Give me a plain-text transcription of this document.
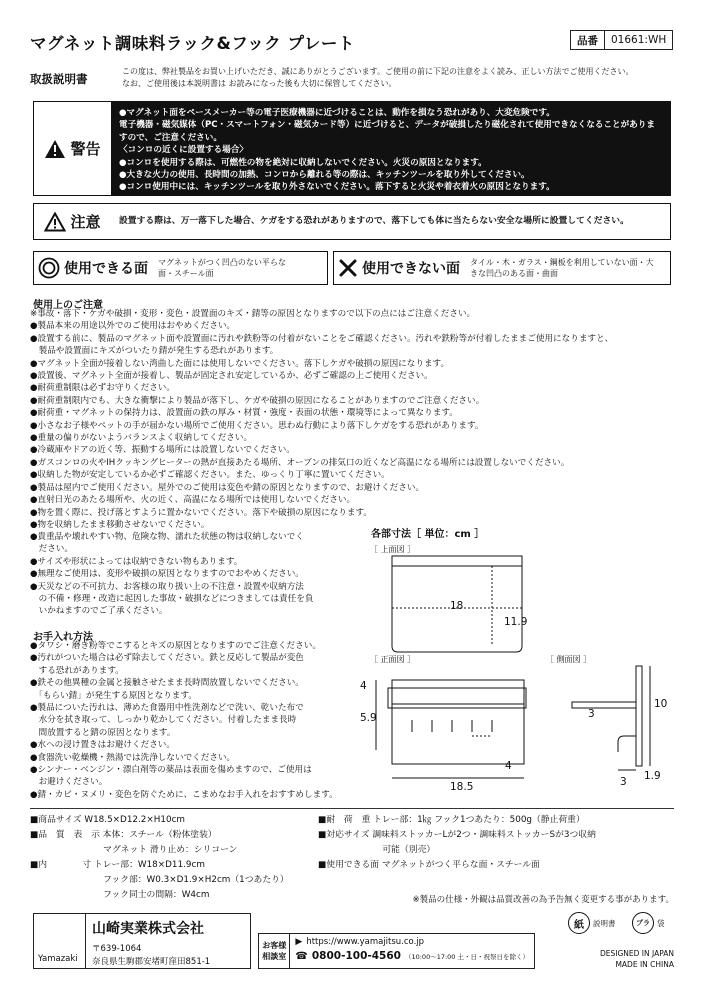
マグネット調味料ラック&フック プレート	品番	01661:WH
取扱説明書
この度は、弊社製品をお買い上げいただき、誠にありがとうございます。ご使用の前に下記の注意をよく読み、正しい方法でご使用ください。
なお、ご使用後は本説明書は お読みになった後も大切に保管してください。
警告
●マグネット面をペースメーカー等の電子医療機器に近づけることは、動作を損なう恐れがあり、大変危険です。
電子機器・磁気媒体（PC・スマートフォン・磁気カード等）に近づけると、データが破損したり磁化されて使用できなくなることがありますので、ご注意ください。
〈コンロの近くに設置する場合〉
●コンロを使用する際は、可燃性の物を絶対に収納しないでください。火災の原因となります。
●大きな火力の使用、長時間の加熱、コンロから離れる等の際は、キッチンツールを取り外してください。
●コンロ使用中には、キッチンツールを取り外さないでください。落下すると火災や着衣着火の原因となります。
注意	設置する際は、万一落下した場合、ケガをする恐れがありますので、落下しても体に当たらない安全な場所に設置してください。
使用できる面	マグネットがつく凹凸のない平らな面・スチール面	使用できない面	タイル・木・ガラス・鋼板を利用していない面・大きな凹凸のある面・曲面
使用上のご注意

※事故・落下・ケガや破損・変形・変色・設置面のキズ・錆等の原因となりますので以下の点にはご注意ください。

●製品本来の用途以外でのご使用はおやめください。

●設置する前に、製品のマグネット面や設置面に汚れや鉄粉等の付着がないことをご確認ください。汚れや鉄粉等が付着したままご使用になりますと、

　製品や設置面にキズがついたり錆が発生する恐れがあります。

●マグネット全面が接着しない湾曲した面には使用しないでください。落下しケガや破損の原因になります。

●設置後、マグネット全面が接着し、製品が固定され安定しているか、必ずご確認の上ご使用ください。

●耐荷重制限は必ずお守りください。

●耐荷重制限内でも、大きな衝撃により製品が落下し、ケガや破損の原因になることがありますのでご注意ください。

●耐荷重・マグネットの保持力は、設置面の鉄の厚み・材質・強度・表面の状態・環境等によって異なります。

●小さなお子様やペットの手が届かない場所でご使用ください。思わぬ行動により落下しケガをする恐れがあります。

●重量の偏りがないようバランスよく収納してください。

●冷蔵庫やドアの近く等、振動する場所には設置しないでください。

●ガスコンロの火やIHクッキングヒーターの熱が直接あたる場所、オーブンの排気口の近くなど高温になる場所には設置しないでください。

●収納した物が安定しているか必ずご確認ください。また、ゆっくり丁寧に置いてください。

●製品は屋内でご使用ください。屋外でのご使用は変色や錆の原因となりますので、お避けください。

●直射日光のあたる場所や、火の近く、高温になる場所では使用しないでください。

●物を置く際に、投げ落とすように置かないでください。落下や破損の原因になります。

●物を収納したまま移動させないでください。

●貴重品や壊れやすい物、危険な物、濡れた状態の物は収納しないでく

　ださい。

●サイズや形状によっては収納できない物もあります。

●無理なご使用は、変形や破損の原因となりますのでおやめください。

●天災などの不可抗力、お客様の取り扱い上の不注意・設置や収納方法

　の不備・修理・改造に起因した事故・破損などにつきましては責任を負

　いかねますのでご了承ください。

お手入れ方法

●タワシ・磨き粉等でこするとキズの原因となりますのでご注意ください。

●汚れがついた場合は必ず除去してください。鉄と反応して製品が変色

　する恐れがあります。

●鉄その他異種の金属と接触させたまま長時間放置しないでください。

　「もらい錆」が発生する原因となります。

●製品についた汚れは、薄めた食器用中性洗剤などで洗い、乾いた布で

　水分を拭き取って、しっかり乾かしてください。付着したまま長時

　間放置すると錆の原因となります。

●水への浸け置きはお避けください。

●食器洗い乾燥機・熱湯では洗浄しないでください。

●シンナー・ベンジン・漂白剤等の薬品は表面を傷めますので、ご使用は

　お避けください。

●錆・カビ・ヌメリ・変色を防ぐために、こまめなお手入れをおすすめします。

各部寸法［ 単位：cm ］
［ 上面図 ］
18
11.9
［ 正面図 ］
4
5.9
4
18.5
［ 側面図 ］
10
3
3 1.9
■商品サイズ W18.5×D12.2×H10cm
■品　質　表　示 本体：スチール（粉体塗装）
　　　　　　　　 マグネット 滑り止め：シリコーン
■内　　　　寸 トレー部：W18×D11.9cm
　　　　　　　　 フック部：W0.3×D1.9×H2cm（1つあたり）
　　　　　　　　 フック同士の間隔：W4cm
■耐　荷　重 トレー部：1㎏ フック1つあたり：500g（静止荷重）
■対応サイズ 調味料ストッカーLが2つ・調味料ストッカーSが3つ収納
　　　　　　　 可能（別売）
■使用できる面 マグネットがつく平らな面・スチール面
※製品の仕様・外観は品質改善の為予告無く変更する事があります。
Yamazaki
山崎実業株式会社
〒639-1064
奈良県生駒郡安堵町窪田851-1
お客様相談室
▶ https://www.yamajitsu.co.jp
☎ 0800-100-4560 （10:00〜17:00 土・日・祝祭日を除く）
紙	説明書	プラ 袋
DESIGNED IN JAPAN
MADE IN CHINA
